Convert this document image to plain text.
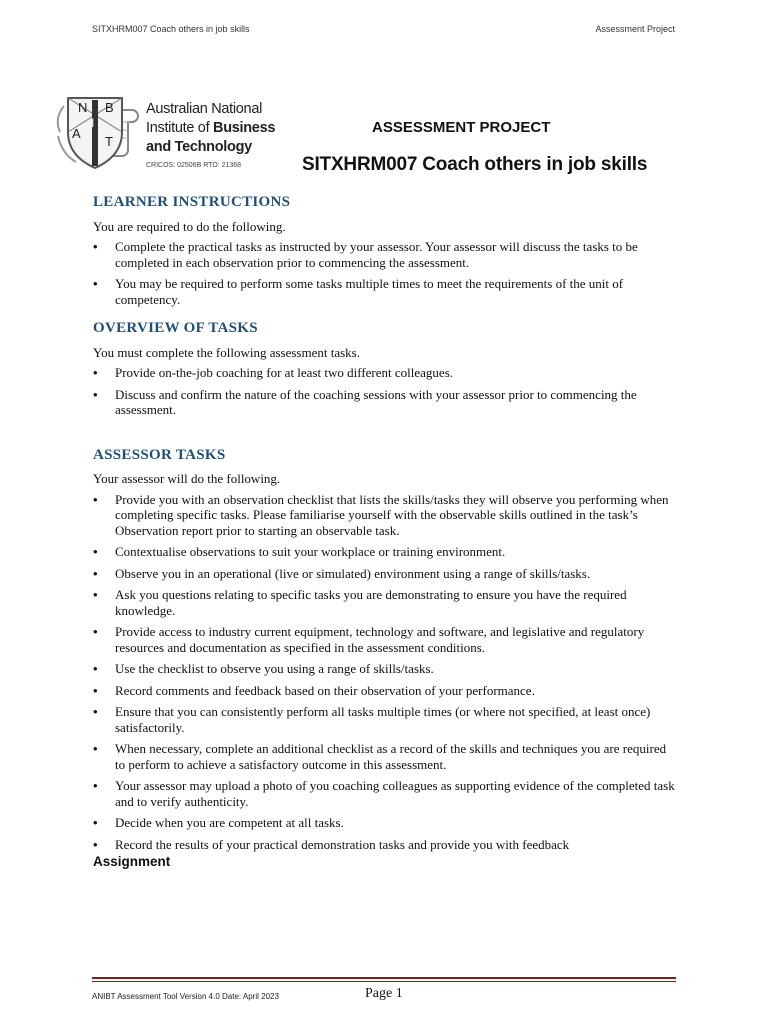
SITXHRM007 Coach others in job skills	Assessment Project
N B
A
I
T
Australian National
Institute of Business
and Technology
CRICOS: 02506B RTO: 21368
ASSESSMENT PROJECT
SITXHRM007 Coach others in job skills
LEARNER INSTRUCTIONS
You are required to do the following.
• Complete the practical tasks as instructed by your assessor. Your assessor will discuss the tasks to be completed in each observation prior to commencing the assessment.
• You may be required to perform some tasks multiple times to meet the requirements of the unit of competency.
OVERVIEW OF TASKS
You must complete the following assessment tasks.
• Provide on-the-job coaching for at least two different colleagues.
• Discuss and confirm the nature of the coaching sessions with your assessor prior to commencing the assessment.
ASSESSOR TASKS
Your assessor will do the following.
• Provide you with an observation checklist that lists the skills/tasks they will observe you performing when completing specific tasks. Please familiarise yourself with the observable skills outlined in the task’s Observation report prior to starting an observable task.
• Contextualise observations to suit your workplace or training environment.
• Observe you in an operational (live or simulated) environment using a range of skills/tasks.
• Ask you questions relating to specific tasks you are demonstrating to ensure you have the required knowledge.
• Provide access to industry current equipment, technology and software, and legislative and regulatory resources and documentation as specified in the assessment conditions.
• Use the checklist to observe you using a range of skills/tasks.
• Record comments and feedback based on their observation of your performance.
• Ensure that you can consistently perform all tasks multiple times (or where not specified, at least once) satisfactorily.
• When necessary, complete an additional checklist as a record of the skills and techniques you are required to perform to achieve a satisfactory outcome in this assessment.
• Your assessor may upload a photo of you coaching colleagues as supporting evidence of the completed task and to verify authenticity.
• Decide when you are competent at all tasks.
• Record the results of your practical demonstration tasks and provide you with feedback
Assignment
ANIBT Assessment Tool Version 4.0 Date: April 2023	Page 1
